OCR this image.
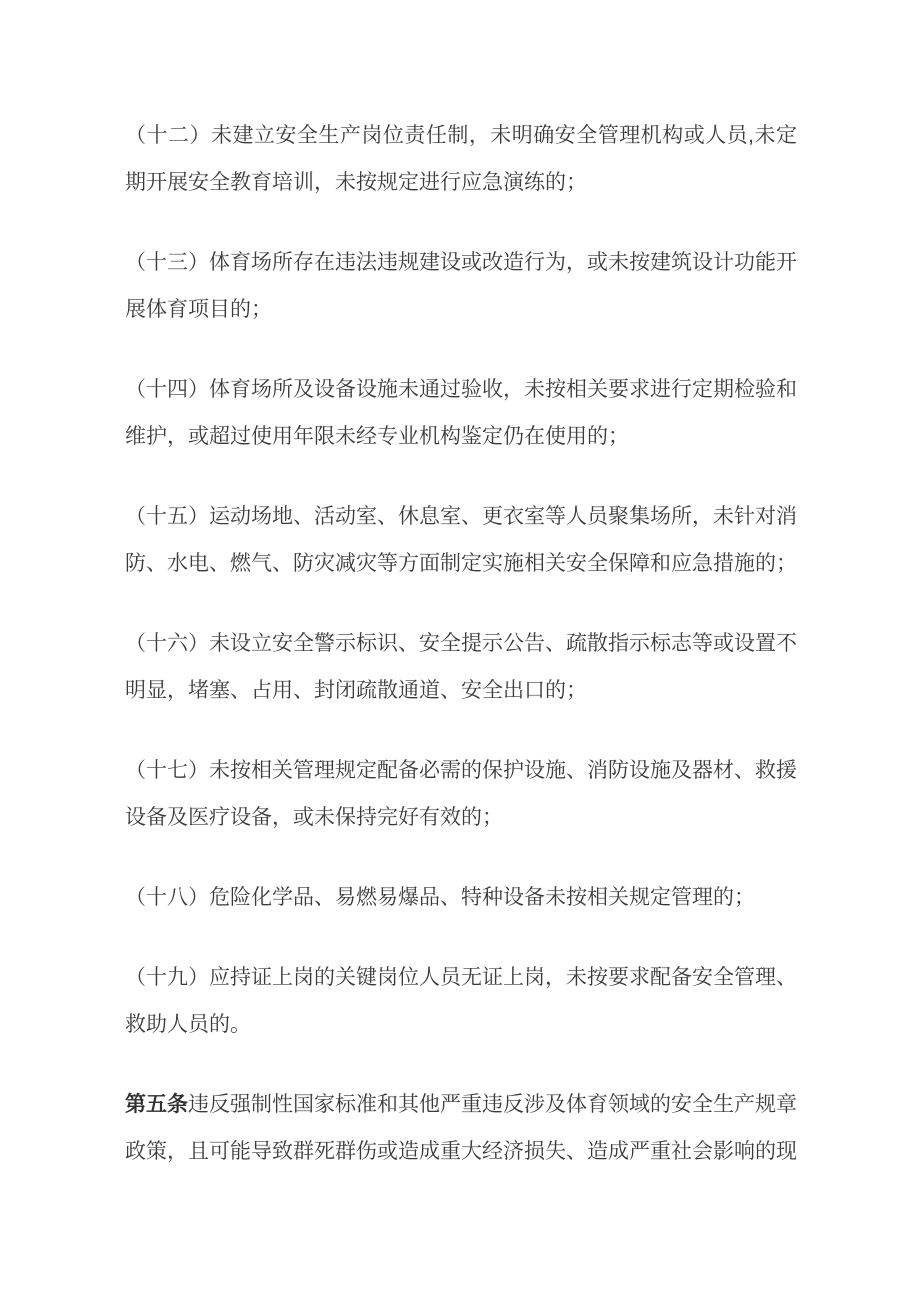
（十二）未建立安全生产岗位责任制，未明确安全管理机构或人员,未定期开展安全教育培训，未按规定进行应急演练的；

（十三）体育场所存在违法违规建设或改造行为，或未按建筑设计功能开展体育项目的；

（十四）体育场所及设备设施未通过验收，未按相关要求进行定期检验和维护，或超过使用年限未经专业机构鉴定仍在使用的；

（十五）运动场地、活动室、休息室、更衣室等人员聚集场所，未针对消防、水电、燃气、防灾减灾等方面制定实施相关安全保障和应急措施的；

（十六）未设立安全警示标识、安全提示公告、疏散指示标志等或设置不明显，堵塞、占用、封闭疏散通道、安全出口的；

（十七）未按相关管理规定配备必需的保护设施、消防设施及器材、救援设备及医疗设备，或未保持完好有效的；

（十八）危险化学品、易燃易爆品、特种设备未按相关规定管理的；

（十九）应持证上岗的关键岗位人员无证上岗，未按要求配备安全管理、救助人员的。

第五条违反强制性国家标准和其他严重违反涉及体育领域的安全生产规章政策，且可能导致群死群伤或造成重大经济损失、造成严重社会影响的现
